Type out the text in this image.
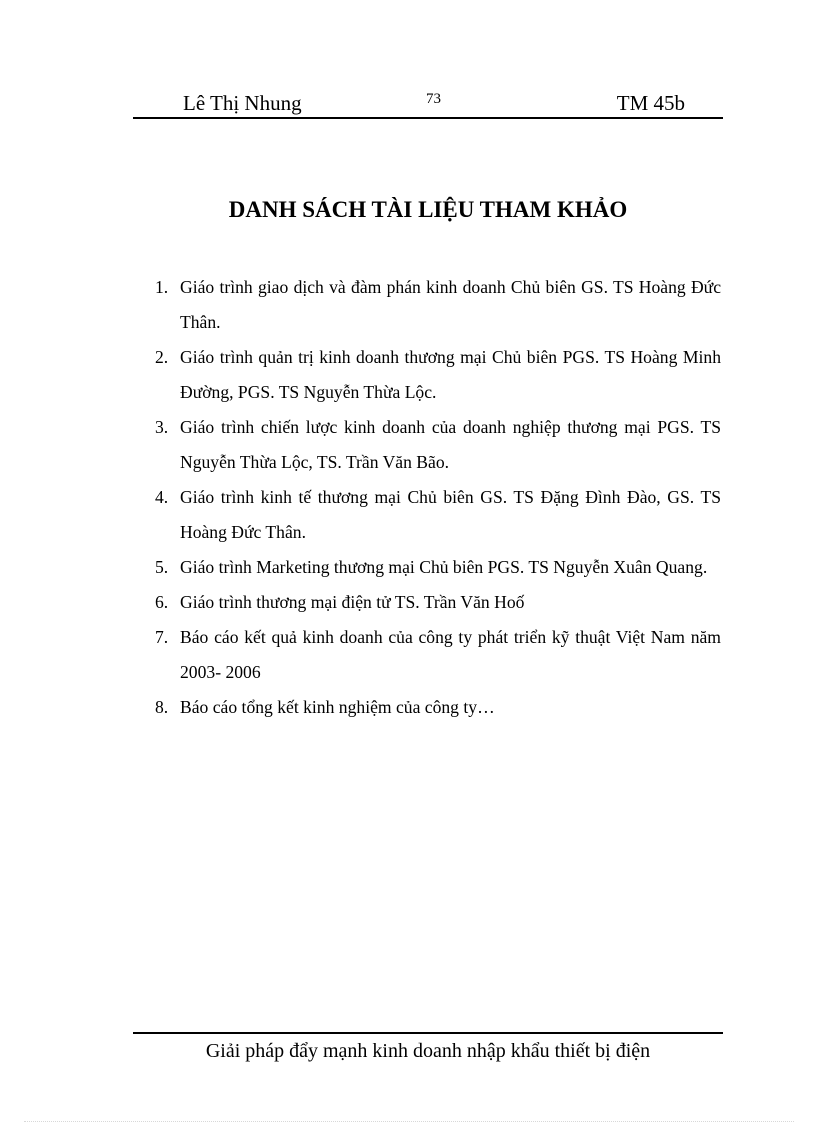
Lê Thị Nhung	73	TM 45b
DANH SÁCH TÀI LIỆU THAM KHẢO
1. Giáo trình giao dịch và đàm phán kinh doanh Chủ biên GS. TS Hoàng Đức Thân.
2. Giáo trình quản trị kinh doanh thương mại Chủ biên PGS. TS Hoàng Minh Đường, PGS. TS Nguyễn Thừa Lộc.
3. Giáo trình chiến lược kinh doanh của doanh nghiệp thương mại PGS. TS Nguyễn Thừa Lộc, TS. Trần Văn Bão.
4. Giáo trình kinh tế thương mại Chủ biên GS. TS Đặng Đình Đào, GS. TS Hoàng Đức Thân.
5. Giáo trình Marketing thương mại Chủ biên PGS. TS Nguyễn Xuân Quang.
6. Giáo trình thương mại điện tử TS. Trần Văn Hoố
7. Báo cáo kết quả kinh doanh của công ty phát triển kỹ thuật Việt Nam năm 2003- 2006
8. Báo cáo tổng kết kinh nghiệm của công ty…
Giải pháp đẩy mạnh kinh doanh nhập khẩu thiết bị điện
